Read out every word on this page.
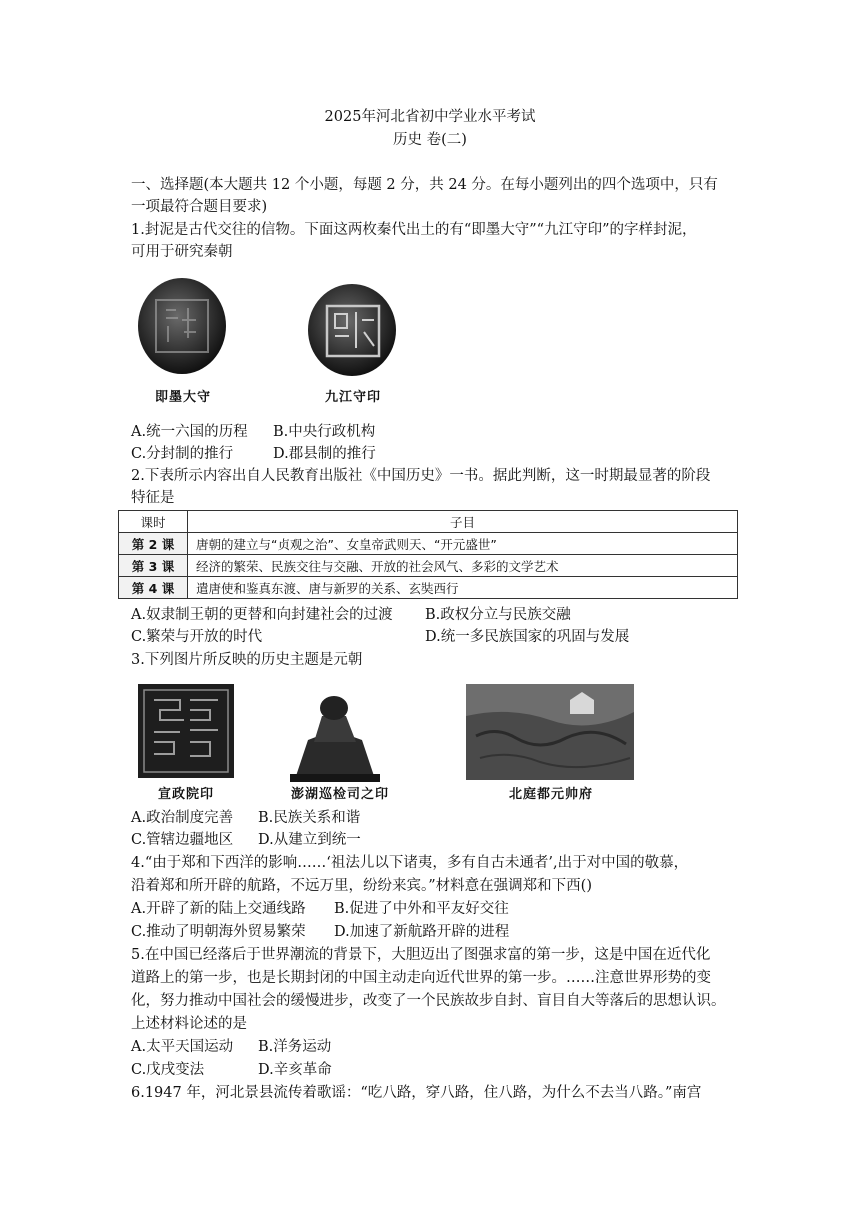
2025年河北省初中学业水平考试
历史 卷(二)
一、选择题(本大题共 12 个小题，每题 2 分，共 24 分。在每小题列出的四个选项中，只有
一项最符合题目要求)
1.封泥是古代交往的信物。下面这两枚秦代出土的有“即墨大守”“九江守印”的字样封泥，
可用于研究秦朝
即墨大守	九江守印
A.统一六国的历程 B.中央行政机构
C.分封制的推行	D.郡县制的推行
2.下表所示内容出自人民教育出版社《中国历史》一书。据此判断，这一时期最显著的阶段
特征是
课时	子目
第 2 课	唐朝的建立与“贞观之治”、女皇帝武则天、“开元盛世”
第 3 课	经济的繁荣、民族交往与交融、开放的社会风气、多彩的文学艺术
第 4 课	遣唐使和鉴真东渡、唐与新罗的关系、玄奘西行
A.奴隶制王朝的更替和向封建社会的过渡 B.政权分立与民族交融
C.繁荣与开放的时代	D.统一多民族国家的巩固与发展
3.下列图片所反映的历史主题是元朝
宣政院印	澎湖巡检司之印	北庭都元帅府
A.政治制度完善 B.民族关系和谐
C.管辖边疆地区 D.从建立到统一
4.“由于郑和下西洋的影响……‘祖法儿以下诸夷，多有自古未通者’,出于对中国的敬慕，
沿着郑和所开辟的航路，不远万里，纷纷来宾。”材料意在强调郑和下西()
A.开辟了新的陆上交通线路 B.促进了中外和平友好交往
C.推动了明朝海外贸易繁荣 D.加速了新航路开辟的进程
5.在中国已经落后于世界潮流的背景下，大胆迈出了图强求富的第一步，这是中国在近代化
道路上的第一步，也是长期封闭的中国主动走向近代世界的第一步。……注意世界形势的变
化，努力推动中国社会的缓慢进步，改变了一个民族故步自封、盲目自大等落后的思想认识。
上述材料论述的是
A.太平天国运动 B.洋务运动
C.戊戌变法	D.辛亥革命
6.1947 年，河北景县流传着歌谣：“吃八路，穿八路，住八路，为什么不去当八路。”南宫
